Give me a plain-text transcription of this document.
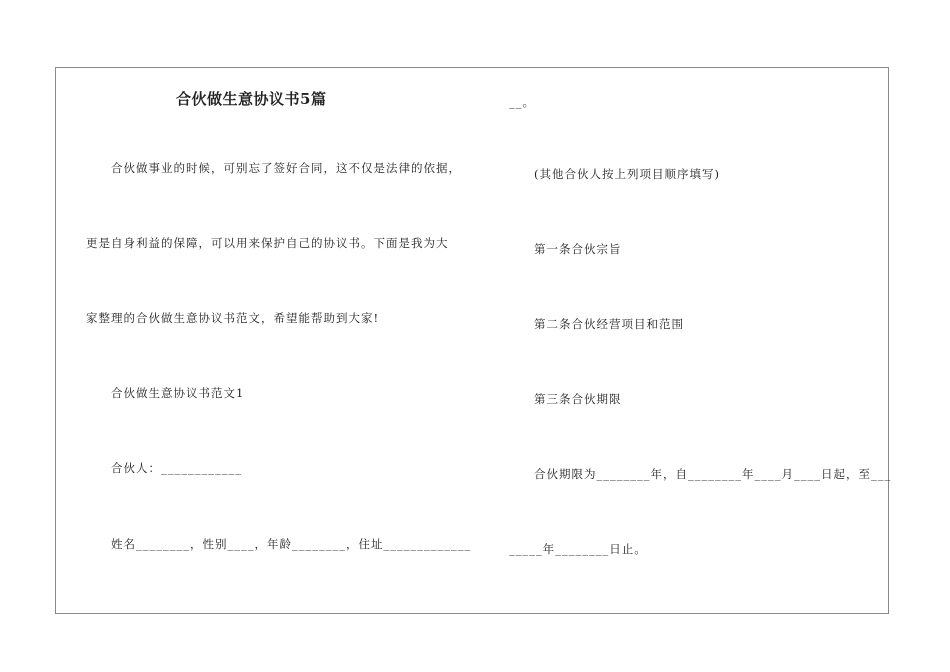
合伙做生意协议书5篇
合伙做事业的时候，可别忘了签好合同，这不仅是法律的依据，
更是自身利益的保障，可以用来保护自己的协议书。下面是我为大
家整理的合伙做生意协议书范文，希望能帮助到大家!
合伙做生意协议书范文1
合伙人：____________
姓名________，性别____，年龄________，住址_____________
__。
(其他合伙人按上列项目顺序填写)
第一条合伙宗旨
第二条合伙经营项目和范围
第三条合伙期限
合伙期限为________年，自________年____月____日起，至___
_____年________日止。
